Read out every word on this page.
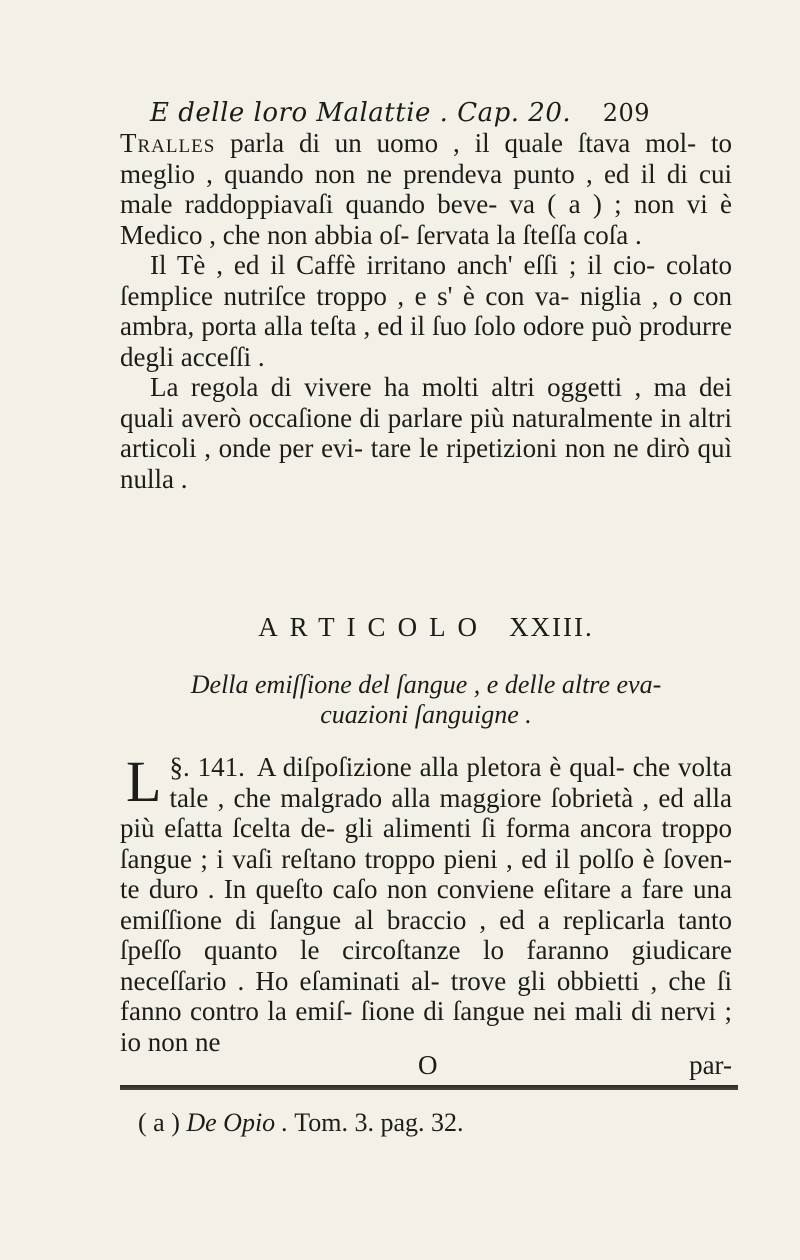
E delle loro Malattie . Cap. 20.	209

Tralles parla di un uomo , il quale ſtava mol- to meglio , quando non ne prendeva punto , ed il di cui male raddoppiavaſi quando beve- va ( a ) ; non vi è Medico , che non abbia oſ- ſervata la ſteſſa coſa .

Il Tè , ed il Caffè irritano anch' eſſi ; il cio- colato ſemplice nutriſce troppo , e s' è con va- niglia , o con ambra, porta alla teſta , ed il ſuo ſolo odore può produrre degli acceſſi .

La regola di vivere ha molti altri oggetti , ma dei quali averò occaſione di parlare più naturalmente in altri articoli , onde per evi- tare le ripetizioni non ne dirò quì nulla .

ARTICOLO XXIII.
Della emiſſione del ſangue , e delle altre eva-
cuazioni ſanguigne .

§. 141.
L	A diſpoſizione alla pletora è qual- che volta tale , che malgrado alla maggiore ſobrietà , ed alla più eſatta ſcelta de- gli alimenti ſi forma ancora troppo ſangue ; i vaſi reſtano troppo pieni , ed il polſo è ſoven- te duro . In queſto caſo non conviene eſitare a fare una emiſſione di ſangue al braccio , ed a replicarla tanto ſpeſſo quanto le circoſtanze lo faranno giudicare neceſſario . Ho eſaminati al- trove gli obbietti , che ſi fanno contro la emiſ- ſione di ſangue nei mali di nervi ; io non ne

O	par-
( a ) De Opio . Tom. 3. pag. 32.
